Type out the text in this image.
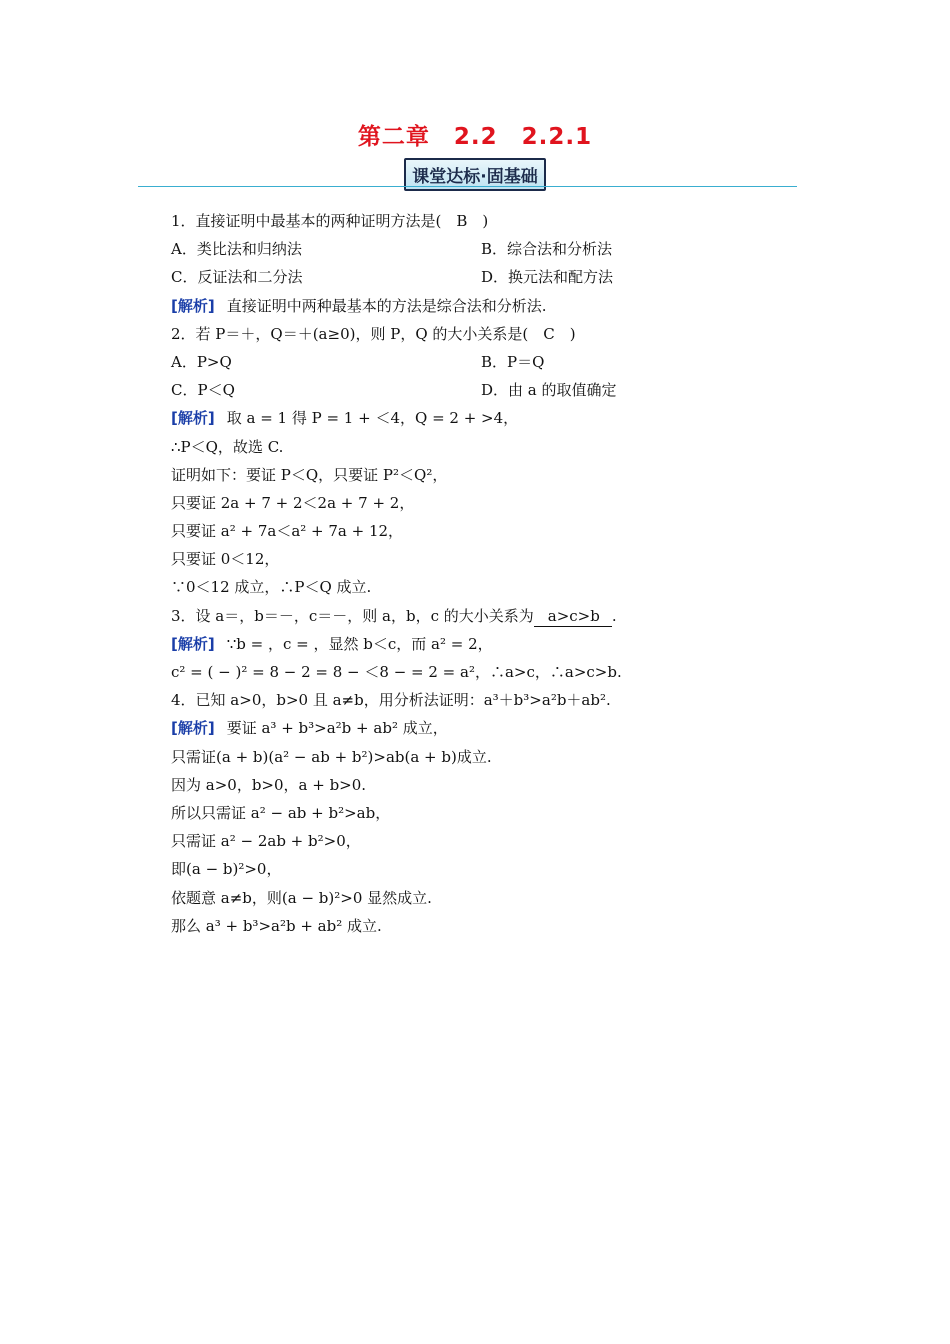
第二章　2.2　2.2.1
课堂达标·固基础
1．直接证明中最基本的两种证明方法是(　B　)
A．类比法和归纳法	B．综合法和分析法
C．反证法和二分法	D．换元法和配方法
[解析] 直接证明中两种最基本的方法是综合法和分析法.
2．若 P＝＋，Q＝＋(a≥0)，则 P，Q 的大小关系是(　C　)
A．P>Q	B．P＝Q
C．P＜Q	D．由 a 的取值确定
[解析] 取 a = 1 得 P = 1 + ＜4，Q = 2 + >4，
∴P＜Q，故选 C.
证明如下：要证 P＜Q，只要证 P²＜Q²，
只要证 2a + 7 + 2＜2a + 7 + 2，
只要证 a² + 7a＜a² + 7a + 12，
只要证 0＜12，
∵0＜12 成立，∴P＜Q 成立.
3．设 a＝，b＝－，c＝－，则 a，b，c 的大小关系为 a>c>b .
[解析] ∵b = ，c = ，显然 b＜c，而 a² = 2，
c² = ( − )² = 8 − 2 = 8 − ＜8 − = 2 = a²，∴a>c，∴a>c>b.
4．已知 a>0，b>0 且 a≠b，用分析法证明：a³＋b³>a²b＋ab².
[解析] 要证 a³ + b³>a²b + ab² 成立，
只需证(a + b)(a² − ab + b²)>ab(a + b)成立.
因为 a>0，b>0，a + b>0.
所以只需证 a² − ab + b²>ab，
只需证 a² − 2ab + b²>0，
即(a − b)²>0，
依题意 a≠b，则(a − b)²>0 显然成立.
那么 a³ + b³>a²b + ab² 成立.
